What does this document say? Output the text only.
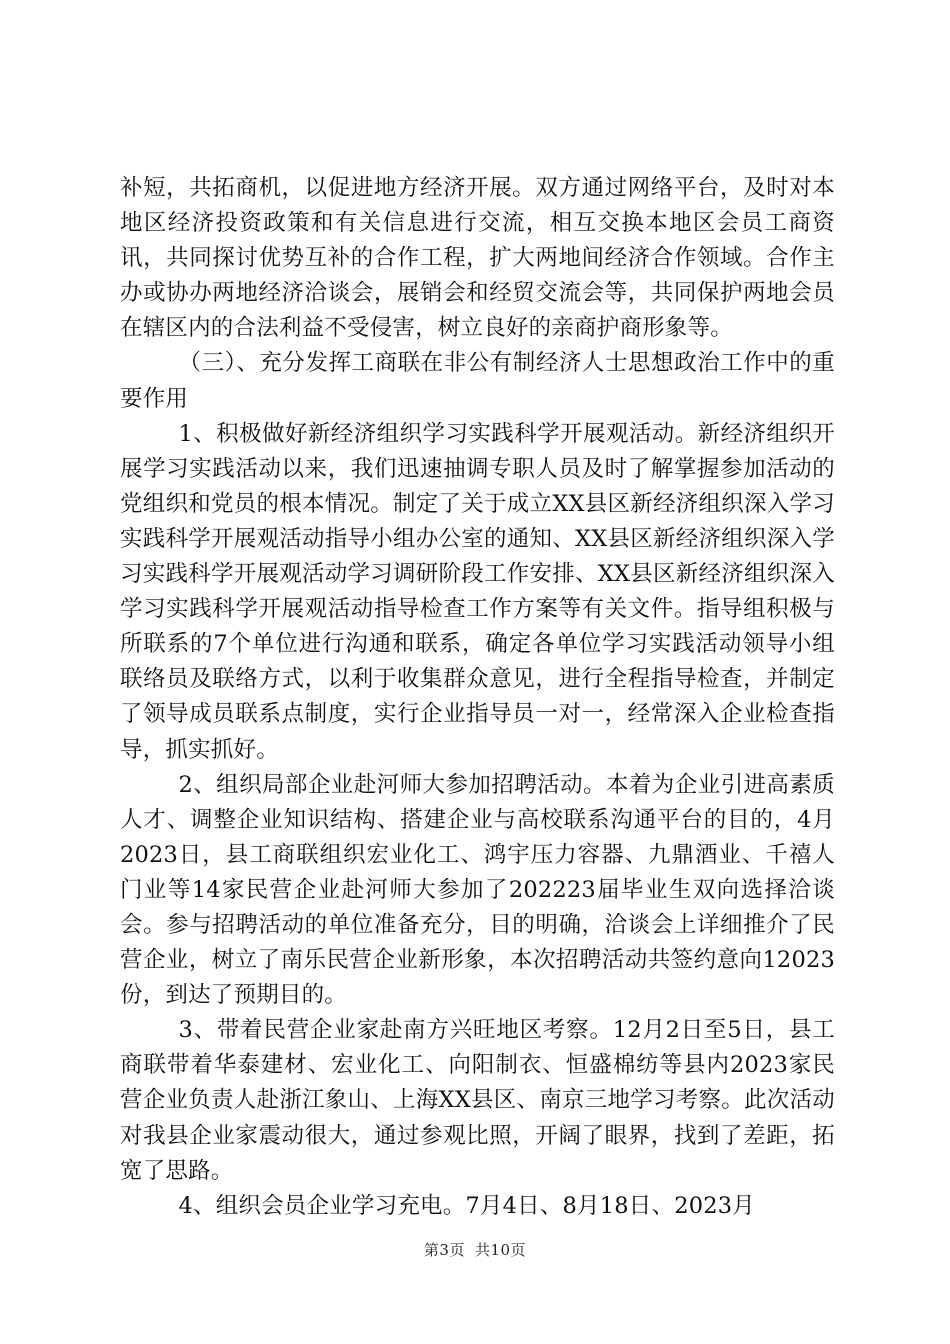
补短，共拓商机，以促进地方经济开展。双方通过网络平台，及时对本地区经济投资政策和有关信息进行交流，相互交换本地区会员工商资讯，共同探讨优势互补的合作工程，扩大两地间经济合作领域。合作主办或协办两地经济洽谈会，展销会和经贸交流会等，共同保护两地会员在辖区内的合法利益不受侵害，树立良好的亲商护商形象等。

（三）、充分发挥工商联在非公有制经济人士思想政治工作中的重要作用

1、积极做好新经济组织学习实践科学开展观活动。新经济组织开展学习实践活动以来，我们迅速抽调专职人员及时了解掌握参加活动的党组织和党员的根本情况。制定了关于成立XX县区新经济组织深入学习实践科学开展观活动指导小组办公室的通知、XX县区新经济组织深入学习实践科学开展观活动学习调研阶段工作安排、XX县区新经济组织深入学习实践科学开展观活动指导检查工作方案等有关文件。指导组积极与所联系的7个单位进行沟通和联系，确定各单位学习实践活动领导小组联络员及联络方式，以利于收集群众意见，进行全程指导检查，并制定了领导成员联系点制度，实行企业指导员一对一，经常深入企业检查指导，抓实抓好。

2、组织局部企业赴河师大参加招聘活动。本着为企业引进高素质人才、调整企业知识结构、搭建企业与高校联系沟通平台的目的，4月2023日，县工商联组织宏业化工、鸿宇压力容器、九鼎酒业、千禧人门业等14家民营企业赴河师大参加了202223届毕业生双向选择洽谈会。参与招聘活动的单位准备充分，目的明确，洽谈会上详细推介了民营企业，树立了南乐民营企业新形象，本次招聘活动共签约意向12023份，到达了预期目的。

3、带着民营企业家赴南方兴旺地区考察。12月2日至5日，县工商联带着华泰建材、宏业化工、向阳制衣、恒盛棉纺等县内2023家民营企业负责人赴浙江象山、上海XX县区、南京三地学习考察。此次活动对我县企业家震动很大，通过参观比照，开阔了眼界，找到了差距，拓宽了思路。

4、组织会员企业学习充电。7月4日、8月18日、2023月

第3页 共10页
